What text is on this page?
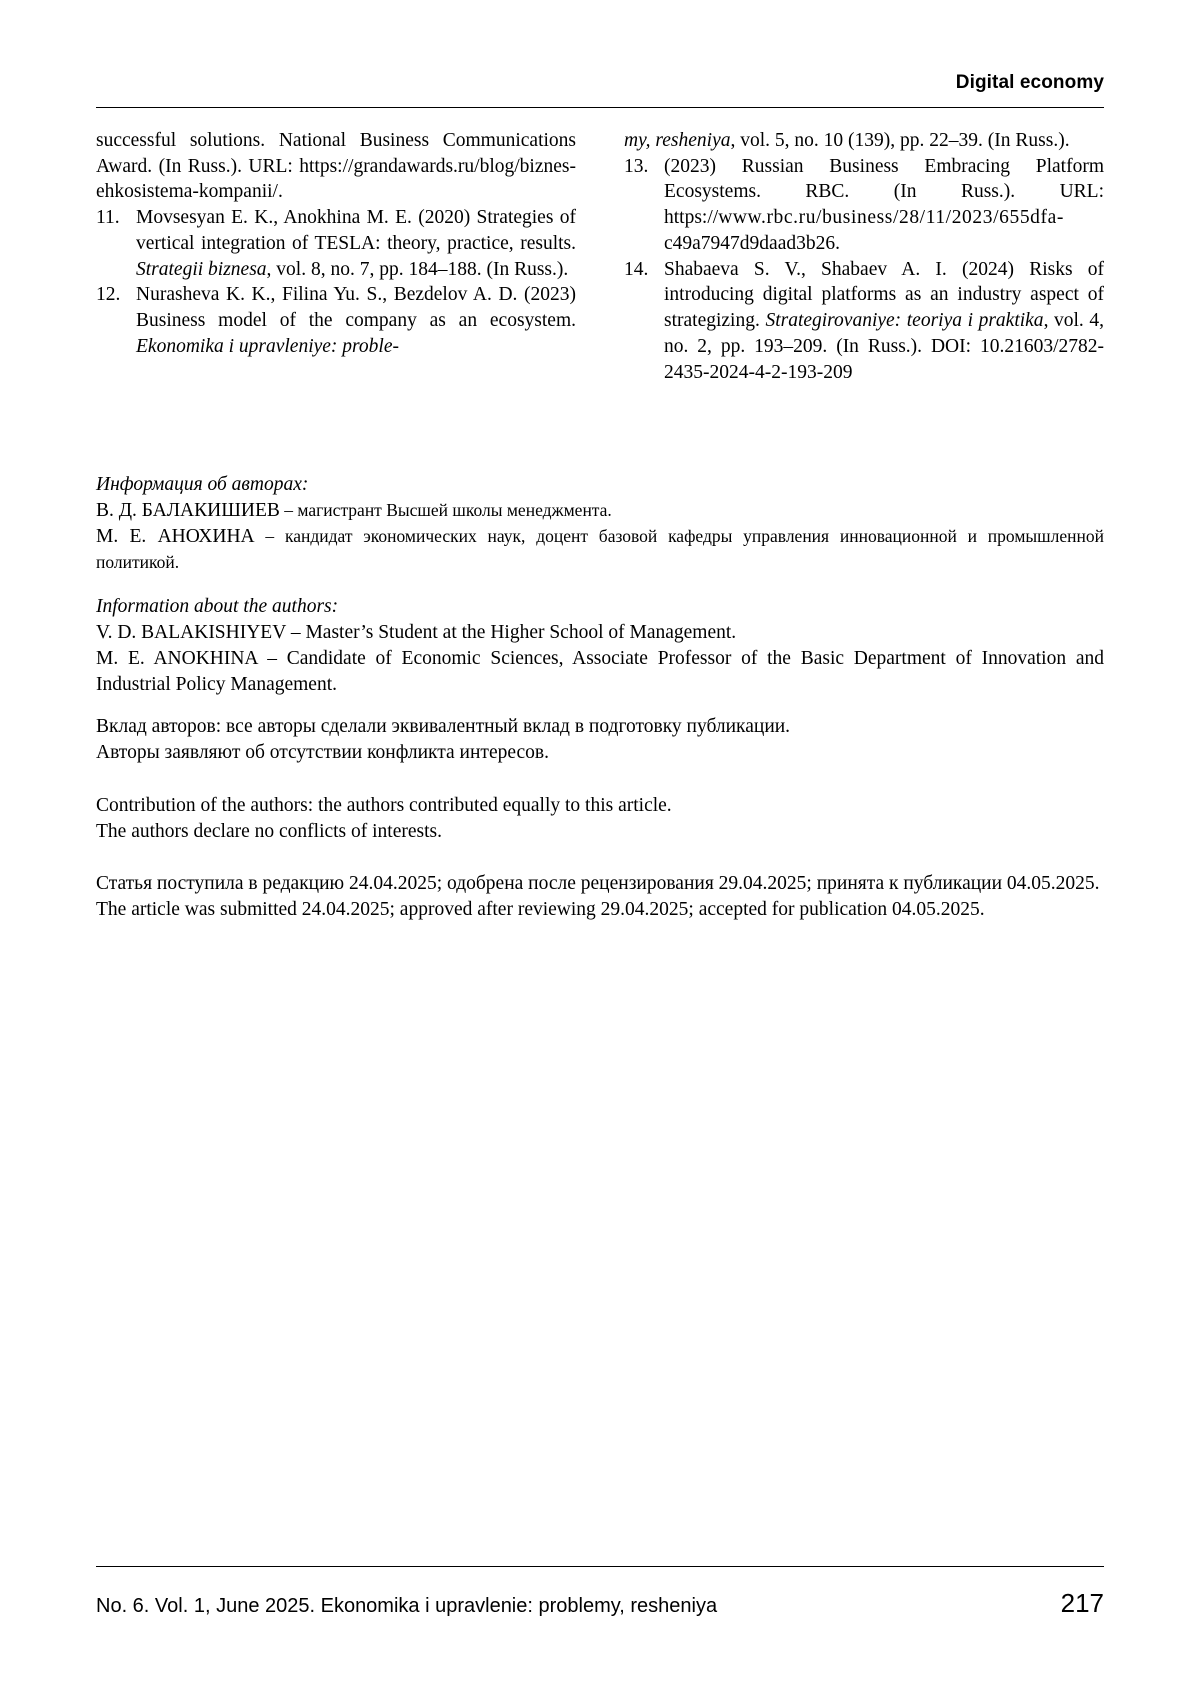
Digital economy
successful solutions. National Business Communications Award. (In Russ.). URL: https://grandawards.ru/blog/biznes-ehkosistema-kompanii/.
11. Movsesyan E. K., Anokhina M. E. (2020) Strategies of vertical integration of TESLA: theory, practice, results. Strategii biznesa, vol. 8, no. 7, pp. 184–188. (In Russ.).
12. Nurasheva K. K., Filina Yu. S., Bezdelov A. D. (2023) Business model of the company as an ecosystem. Ekonomika i upravleniye: proble-
my, resheniya, vol. 5, no. 10 (139), pp. 22–39. (In Russ.).
13. (2023) Russian Business Embracing Platform Ecosystems. RBC. (In Russ.). URL: https://www.rbc.ru/business/28/11/2023/655dfa-c49a7947d9daad3b26.
14. Shabaeva S. V., Shabaev A. I. (2024) Risks of introducing digital platforms as an industry aspect of strategizing. Strategirovaniye: teoriya i praktika, vol. 4, no. 2, pp. 193–209. (In Russ.). DOI: 10.21603/2782-2435-2024-4-2-193-209
Информация об авторах:
В. Д. БАЛАКИШИЕВ – магистрант Высшей школы менеджмента.
М. Е. АНОХИНА – кандидат экономических наук, доцент базовой кафедры управления инновационной и промышленной политикой.
Information about the authors:
V. D. BALAKISHIYEV – Master’s Student at the Higher School of Management.
M. E. ANOKHINA – Candidate of Economic Sciences, Associate Professor of the Basic Department of Innovation and Industrial Policy Management.
Вклад авторов: все авторы сделали эквивалентный вклад в подготовку публикации.
Авторы заявляют об отсутствии конфликта интересов.
Contribution of the authors: the authors contributed equally to this article.
The authors declare no conflicts of interests.
Статья поступила в редакцию 24.04.2025; одобрена после рецензирования 29.04.2025; принята к публикации 04.05.2025.
The article was submitted 24.04.2025; approved after reviewing 29.04.2025; accepted for publication 04.05.2025.
No. 6. Vol. 1, June 2025. Ekonomika i upravlenie: problemy, resheniya	217
